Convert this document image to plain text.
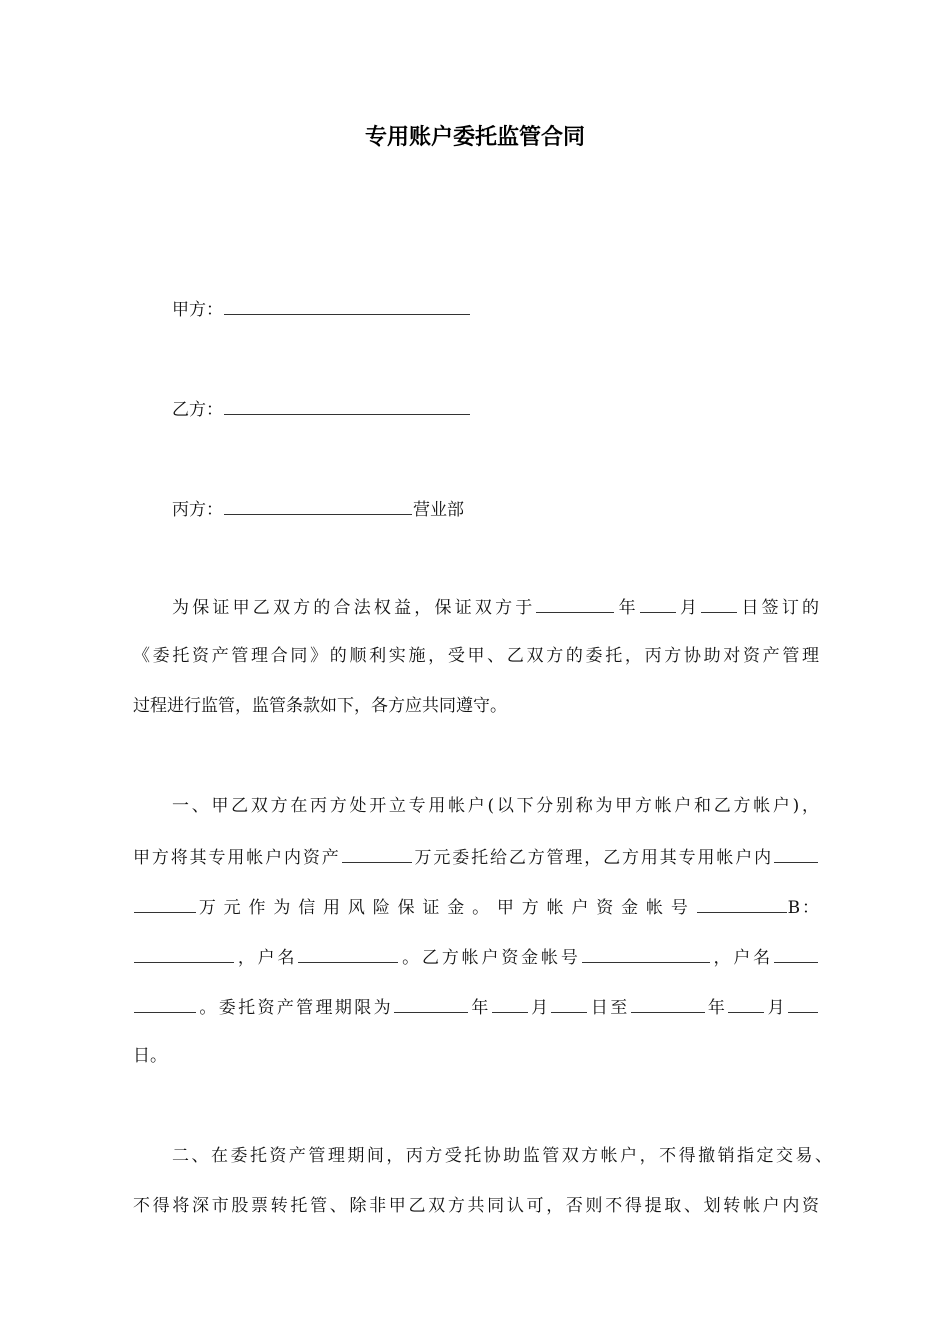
专用账户委托监管合同
甲方：
乙方：
丙方：	营业部
为保证甲乙双方的合法权益，保证双方于	年 月 日签订的
《委托资产管理合同》的顺利实施，受甲、乙双方的委托，丙方协助对资产管理
过程进行监管，监管条款如下，各方应共同遵守。
一、甲乙双方在丙方处开立专用帐户(以下分别称为甲方帐户和乙方帐户)，
甲方将其专用帐户内资产	万元委托给乙方管理，乙方用其专用帐户内
万元作为信用风险保证金。甲方帐户资金帐号	B：
，户名	。乙方帐户资金帐号	，户名
。委托资产管理期限为	年 月 日至	年 月
日。
二、在委托资产管理期间，丙方受托协助监管双方帐户，不得撤销指定交易、
不得将深市股票转托管、除非甲乙双方共同认可，否则不得提取、划转帐户内资
